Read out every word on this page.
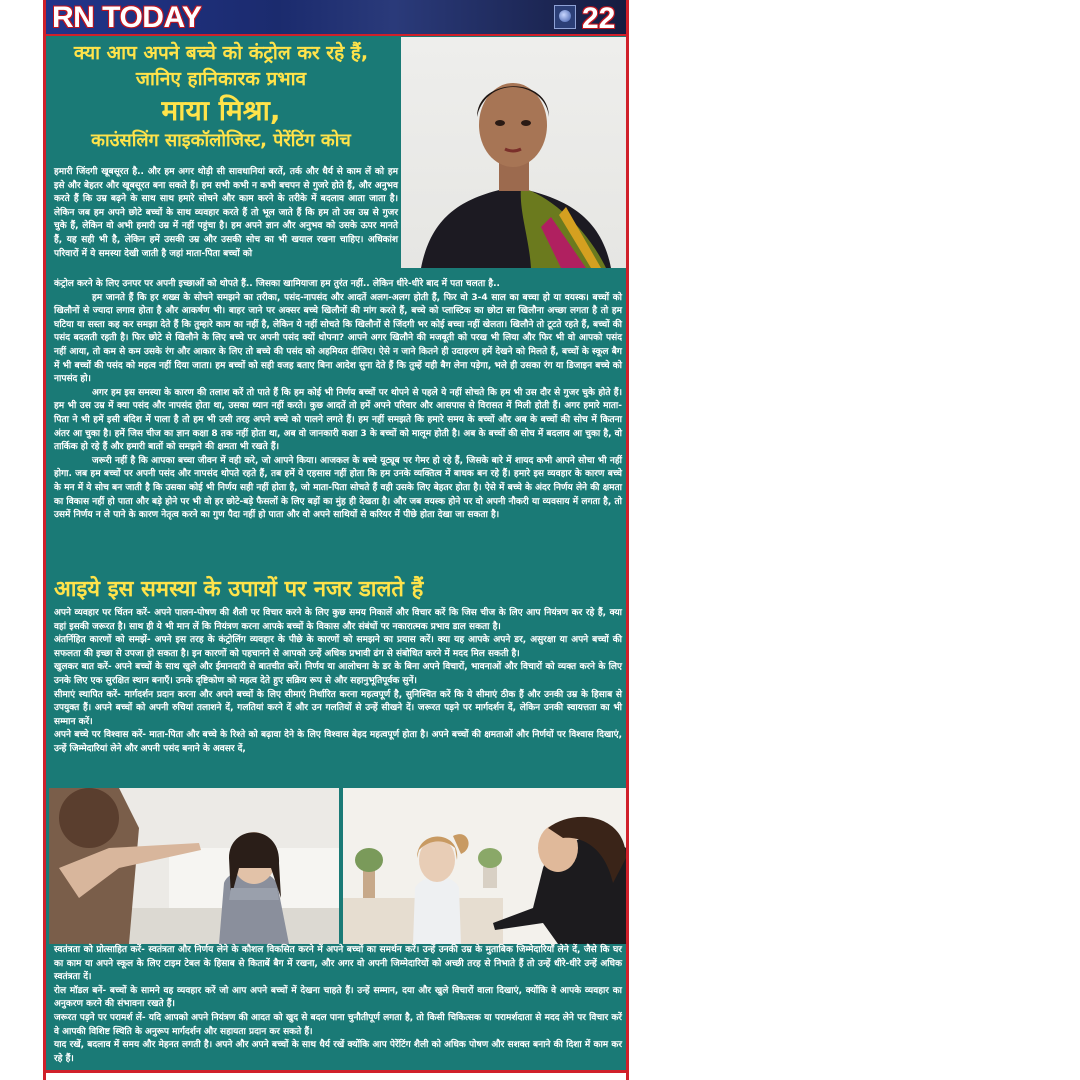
RN TODAY	22
क्या आप अपने बच्चे को कंट्रोल कर रहे हैं, जानिए हानिकारक प्रभाव
माया मिश्रा,
काउंसलिंग साइकॉलोजिस्ट, पेरेंटिंग कोच

हमारी जिंदगी खूबसूरत है.. और हम अगर थोड़ी सी सावधानियां बरतें, तर्क और धैर्य से काम लें को हम इसे और बेहतर और खूबसूरत बना सकते हैं। हम सभी कभी न कभी बचपन से गुजरे होते हैं, और अनुभव करते हैं कि उम्र बढ़ने के साथ साथ हमारे सोचने और काम करने के तरीके में बदलाव आता जाता है। लेकिन जब हम अपने छोटे बच्चों के साथ व्यवहार करते हैं तो भूल जाते हैं कि हम तो उस उम्र से गुजर चुके हैं, लेकिन वो अभी हमारी उम्र में नहीं पहुंचा है। हम अपने ज्ञान और अनुभव को उसके ऊपर मानते हैं, यह सही भी है, लेकिन हमें उसकी उम्र और उसकी सोच का भी खयाल रखना चाहिए। अधिकांश परिवारों में ये समस्या देखी जाती है जहां माता-पिता बच्चों को

कंट्रोल करने के लिए उनपर पर अपनी इच्छाओं को थोपते हैं.. जिसका खामियाजा हम तुरंत नहीं.. लेकिन धीरे-धीरे बाद में पता चलता है..

हम जानते हैं कि हर शख्स के सोचने समझने का तरीका, पसंद-नापसंद और आदतें अलग-अलग होती हैं, फिर वो 3-4 साल का बच्चा हो या वयस्क। बच्चों को खिलौनों से ज्यादा लगाव होता है और आकर्षण भी। बाहर जाने पर अक्सर बच्चे खिलौनों की मांग करते हैं, बच्चे को प्लास्टिक का छोटा सा खिलौना अच्छा लगता है तो हम घटिया या सस्ता कह कर समझा देते हैं कि तुम्हारे काम का नहीं है, लेकिन ये नहीं सोचते कि खिलौनों से जिंदगी भर कोई बच्चा नहीं खेलता। खिलौने तो टूटते रहते हैं, बच्चों की पसंद बदलती रहती है। फिर छोटे से खिलौने के लिए बच्चे पर अपनी पसंद क्यों थोपना? आपने अगर खिलौने की मजबूती को परख भी लिया और फिर भी वो आपको पसंद नहीं आया, तो कम से कम उसके रंग और आकार के लिए तो बच्चे की पसंद को अहमियत दीजिए। ऐसे न जाने कितने ही उदाहरण हमें देखने को मिलते हैं, बच्चों के स्कूल बैग में भी बच्चों की पसंद को महत्व नहीं दिया जाता। हम बच्चों को सही वजह बताए बिना आदेश सुना देते हैं कि तुम्हें यही बैग लेना पड़ेगा, भले ही उसका रंग या डिजाइन बच्चे को नापसंद हो।

अगर हम इस समस्या के कारण की तलाश करें तो पाते हैं कि हम कोई भी निर्णय बच्चों पर थोपने से पहले ये नहीं सोचते कि हम भी उस दौर से गुजर चुके होते हैं। हम भी उस उम्र में क्या पसंद और नापसंद होता था, उसका ध्यान नहीं करते। कुछ आदतें तो हमें अपने परिवार और आसपास से विरासत में मिली होती हैं। अगर हमारे माता-पिता ने भी हमें इसी बंदिश में पाला है तो हम भी उसी तरह अपने बच्चे को पालने लगते हैं। हम नहीं समझते कि हमारे समय के बच्चों और अब के बच्चों की सोच में कितना अंतर आ चुका है। हमें जिस चीज का ज्ञान कक्षा 8 तक नहीं होता था, अब वो जानकारी कक्षा 3 के बच्चों को मालूम होती है। अब के बच्चों की सोच में बदलाव आ चुका है, वो तार्किक हो रहे हैं और हमारी बातों को समझने की क्षमता भी रखते हैं।

जरूरी नहीं है कि आपका बच्चा जीवन में वही करे, जो आपने किया। आजकल के बच्चे यूट्यूब पर गेमर हो रहे हैं, जिसके बारे में शायद कभी आपने सोचा भी नहीं होगा. जब हम बच्चों पर अपनी पसंद और नापसंद थोपते रहते हैं, तब हमें ये एहसास नहीं होता कि हम उनके व्यक्तित्व में बाधक बन रहे हैं। हमारे इस व्यवहार के कारण बच्चे के मन में ये सोच बन जाती है कि उसका कोई भी निर्णय सही नहीं होता है, जो माता-पिता सोचते हैं वही उसके लिए बेहतर होता है। ऐसे में बच्चे के अंदर निर्णय लेने की क्षमता का विकास नहीं हो पाता और बड़े होने पर भी वो हर छोटे-बड़े फैसलों के लिए बड़ों का मुंह ही देखता है। और जब वयस्क होने पर वो अपनी नौकरी या व्यवसाय में लगता है, तो उसमें निर्णय न ले पाने के कारण नेतृत्व करने का गुण पैदा नहीं हो पाता और वो अपने साथियों से करियर में पीछे होता देखा जा सकता है।

आइये इस समस्या के उपायों पर नजर डालते हैं

अपने व्यवहार पर चिंतन करें- अपने पालन-पोषण की शैली पर विचार करने के लिए कुछ समय निकालें और विचार करें कि जिस चीज के लिए आप नियंत्रण कर रहे हैं, क्या वहां इसकी जरूरत है। साथ ही ये भी मान लें कि नियंत्रण करना आपके बच्चों के विकास और संबंधों पर नकारात्मक प्रभाव डाल सकता है।

अंतर्निहित कारणों को समझें- अपने इस तरह के कंट्रोलिंग व्यवहार के पीछे के कारणों को समझने का प्रयास करें। क्या यह आपके अपने डर, असुरक्षा या अपने बच्चों की सफलता की इच्छा से उपजा हो सकता है। इन कारणों को पहचानने से आपको उन्हें अधिक प्रभावी ढंग से संबोधित करने में मदद मिल सकती है।

खुलकर बात करें- अपने बच्चों के साथ खुले और ईमानदारी से बातचीत करें। निर्णय या आलोचना के डर के बिना अपने विचारों, भावनाओं और विचारों को व्यक्त करने के लिए उनके लिए एक सुरक्षित स्थान बनाएँ। उनके दृष्टिकोण को महत्व देते हुए सक्रिय रूप से और सहानुभूतिपूर्वक सुनें।

सीमाएं स्थापित करें- मार्गदर्शन प्रदान करना और अपने बच्चों के लिए सीमाएं निर्धारित करना महत्वपूर्ण है, सुनिश्चित करें कि ये सीमाएं ठीक हैं और उनकी उम्र के हिसाब से उपयुक्त हैं। अपने बच्चों को अपनी रुचियां तलाशने दें, गलतियां करने दें और उन गलतियों से उन्हें सीखने दें। जरूरत पड़ने पर मार्गदर्शन दें, लेकिन उनकी स्वायत्तता का भी सम्मान करें।

अपने बच्चे पर विश्वास करें- माता-पिता और बच्चे के रिश्ते को बढ़ावा देने के लिए विश्वास बेहद महत्वपूर्ण होता है। अपने बच्चों की क्षमताओं और निर्णयों पर विश्वास दिखाएं, उन्हें जिम्मेदारियां लेने और अपनी पसंद बनाने के अवसर दें,

स्वतंत्रता को प्रोत्साहित करें- स्वतंत्रता और निर्णय लेने के कौशल विकसित करने में अपने बच्चों का समर्थन करें। उन्हें उनकी उम्र के मुताबिक जिम्मेदारियाँ लेने दें, जैसे कि घर का काम या अपने स्कूल के लिए टाइम टेबल के हिसाब से किताबें बैग में रखना, और अगर वो अपनी जिम्मेदारियों को अच्छी तरह से निभाते हैं तो उन्हें धीरे-धीरे उन्हें अधिक स्वतंत्रता दें।

रोल मॉडल बनें- बच्चों के सामने वह व्यवहार करें जो आप अपने बच्चों में देखना चाहते हैं। उन्हें सम्मान, दया और खुले विचारों वाला दिखाएं, क्योंकि वे आपके व्यवहार का अनुकरण करने की संभावना रखते हैं।

जरूरत पड़ने पर परामर्श लें- यदि आपको अपने नियंत्रण की आदत को खुद से बदल पाना चुनौतीपूर्ण लगता है, तो किसी चिकित्सक या परामर्शदाता से मदद लेने पर विचार करें वे आपकी विशिष्ट स्थिति के अनुरूप मार्गदर्शन और सहायता प्रदान कर सकते हैं।

याद रखें, बदलाव में समय और मेहनत लगती है। अपने और अपने बच्चों के साथ धैर्य रखें क्योंकि आप पेरेंटिंग शैली को अधिक पोषण और सशक्त बनाने की दिशा में काम कर रहे हैं।
